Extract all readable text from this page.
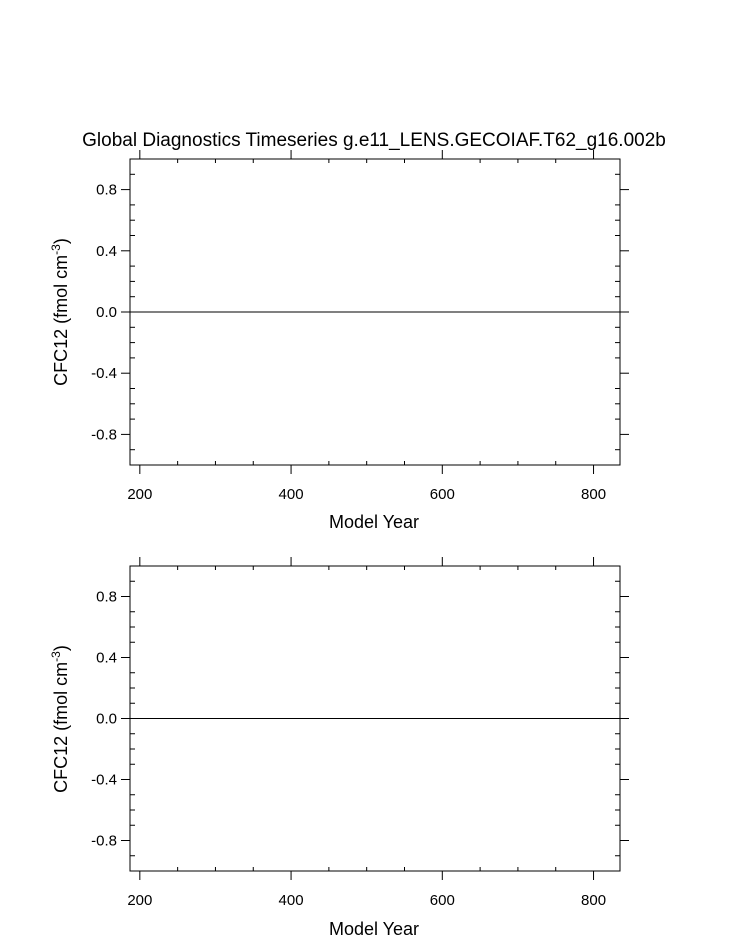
Global Diagnostics Timeseries g.e11_LENS.GECOIAF.T62_g16.002b
0.8
0.4
0.0
-0.4
-0.8
200	400	600	800
Model Year
CFC12 (fmol $cm^{-3}$)
0.8
0.4
0.0
-0.4
-0.8
200	400	600	800
Model Year
CFC12 (fmol $cm^{-3}$)
